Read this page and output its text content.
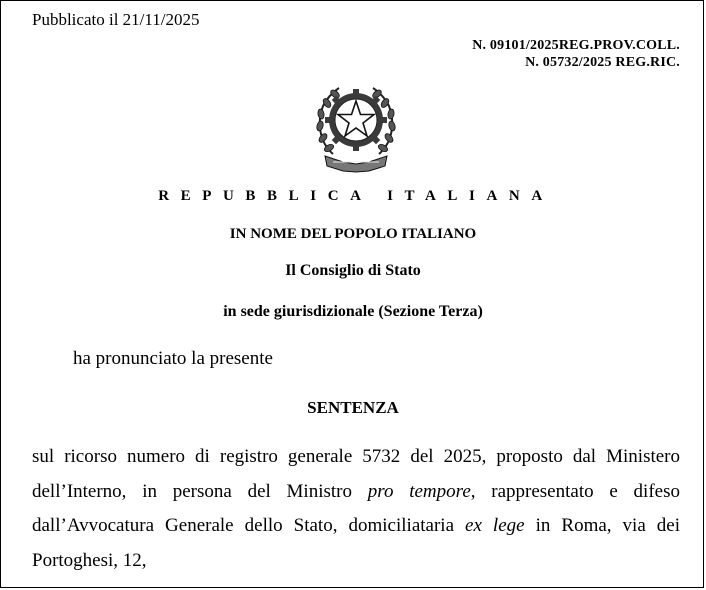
Pubblicato il 21/11/2025
N. 09101/2025REG.PROV.COLL.
N. 05732/2025 REG.RIC.
REPUBBLICA ITALIANA
IN NOME DEL POPOLO ITALIANO
Il Consiglio di Stato
in sede giurisdizionale (Sezione Terza)
ha pronunciato la presente
SENTENZA
sul ricorso numero di registro generale 5732 del 2025, proposto dal Ministero
dell’Interno, in persona del Ministro pro tempore, rappresentato e difeso
dall’Avvocatura Generale dello Stato, domiciliataria ex lege in Roma, via dei
Portoghesi, 12,
